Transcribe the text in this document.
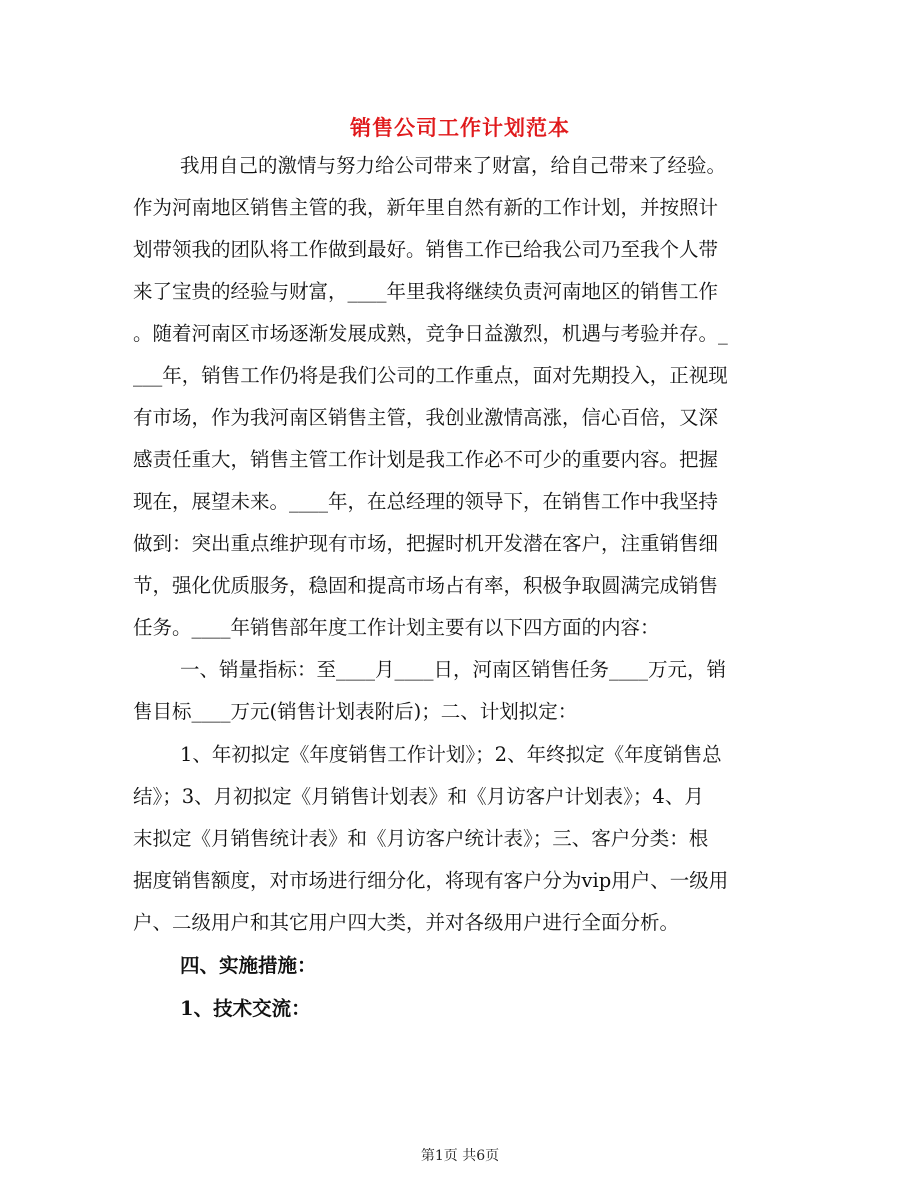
销售公司工作计划范本
我用自己的激情与努力给公司带来了财富，给自己带来了经验。
作为河南地区销售主管的我，新年里自然有新的工作计划，并按照计
划带领我的团队将工作做到最好。销售工作已给我公司乃至我个人带
来了宝贵的经验与财富，____年里我将继续负责河南地区的销售工作
。随着河南区市场逐渐发展成熟，竞争日益激烈，机遇与考验并存。_
___年，销售工作仍将是我们公司的工作重点，面对先期投入，正视现
有市场，作为我河南区销售主管，我创业激情高涨，信心百倍，又深
感责任重大，销售主管工作计划是我工作必不可少的重要内容。把握
现在，展望未来。____年，在总经理的领导下，在销售工作中我坚持
做到：突出重点维护现有市场，把握时机开发潜在客户，注重销售细
节，强化优质服务，稳固和提高市场占有率，积极争取圆满完成销售
任务。____年销售部年度工作计划主要有以下四方面的内容：
一、销量指标：至____月____日，河南区销售任务____万元，销
售目标____万元(销售计划表附后)；二、计划拟定：
1、年初拟定《年度销售工作计划》；2、年终拟定《年度销售总
结》；3、月初拟定《月销售计划表》和《月访客户计划表》；4、月
末拟定《月销售统计表》和《月访客户统计表》；三、客户分类：根
据度销售额度，对市场进行细分化，将现有客户分为vip用户、一级用
户、二级用户和其它用户四大类，并对各级用户进行全面分析。
四、实施措施：
1、技术交流：
第1页 共6页
